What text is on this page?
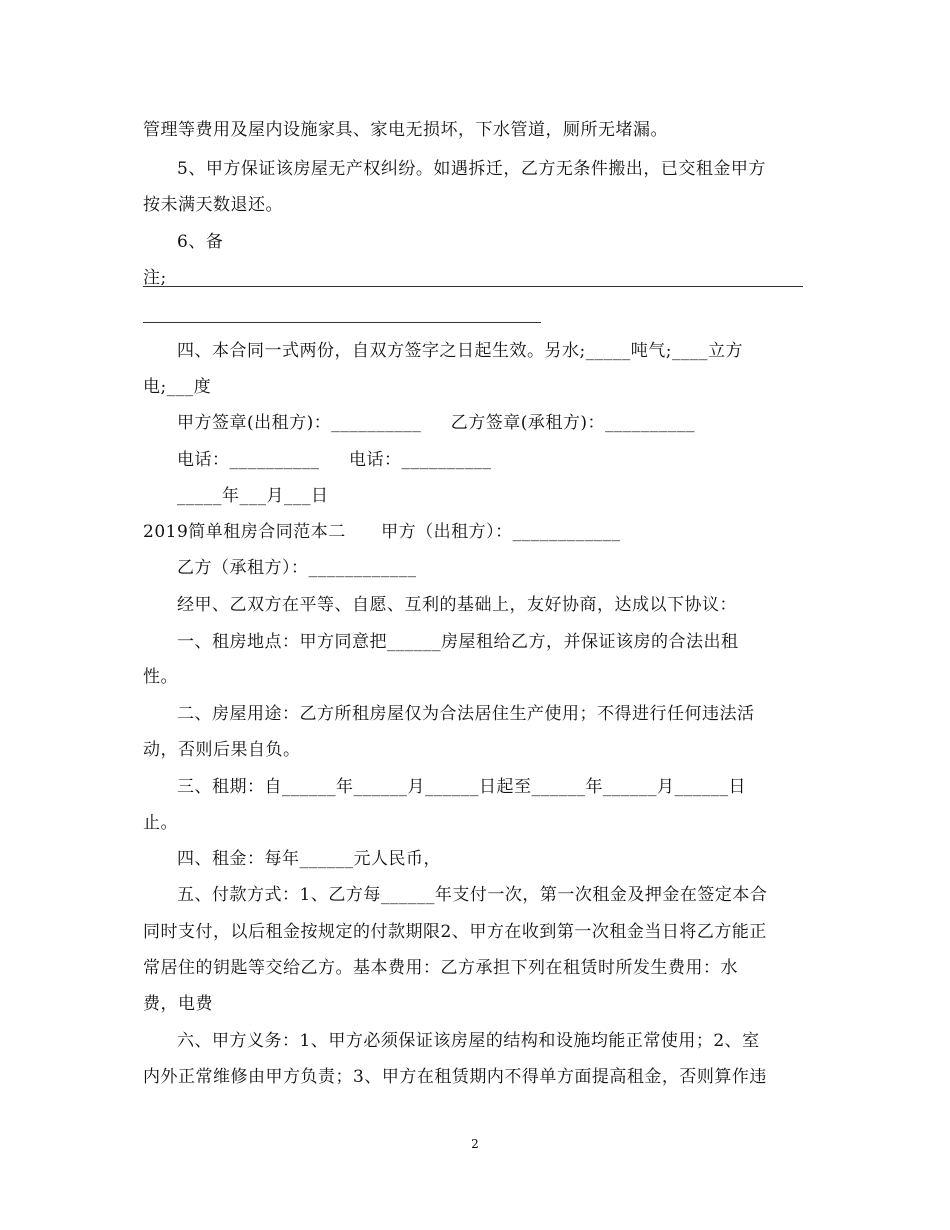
管理等费用及屋内设施家具、家电无损坏，下水管道，厕所无堵漏。

5、甲方保证该房屋无产权纠纷。如遇拆迁，乙方无条件搬出，已交租金甲方

按未满天数退还。

6、备

注;

四、本合同一式两份，自双方签字之日起生效。另水;_____吨气;____立方

电;___度

甲方签章(出租方)：__________     乙方签章(承租方)：__________

电话：__________     电话：__________

_____年___月___日

2019简单租房合同范本二      甲方（出租方）：____________

乙方（承租方）：____________

经甲、乙双方在平等、自愿、互利的基础上，友好协商，达成以下协议：

一、租房地点：甲方同意把______房屋租给乙方，并保证该房的合法出租

性。

二、房屋用途：乙方所租房屋仅为合法居住生产使用；不得进行任何违法活

动，否则后果自负。

三、租期：自______年______月______日起至______年______月______日

止。

四、租金：每年______元人民币，

五、付款方式：1、乙方每______年支付一次，第一次租金及押金在签定本合

同时支付，以后租金按规定的付款期限2、甲方在收到第一次租金当日将乙方能正

常居住的钥匙等交给乙方。基本费用：乙方承担下列在租赁时所发生费用：水

费，电费

六、甲方义务：1、甲方必须保证该房屋的结构和设施均能正常使用；2、室

内外正常维修由甲方负责；3、甲方在租赁期内不得单方面提高租金，否则算作违

2
